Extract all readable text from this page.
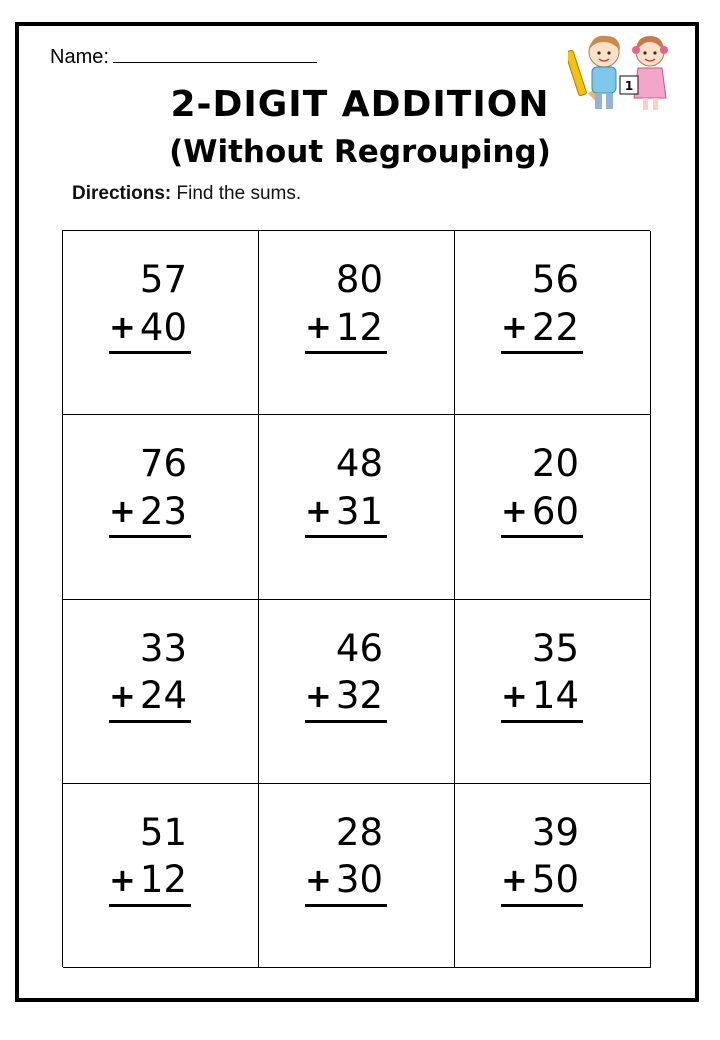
Name:
1
2-DIGIT ADDITION
(Without Regrouping)
Directions: Find the sums.
57
+ 40
80
+ 12
56
+ 22
76
+ 23
48
+ 31
20
+ 60
33
+ 24
46
+ 32
35
+ 14
51
+ 12
28
+ 30
39
+ 50
